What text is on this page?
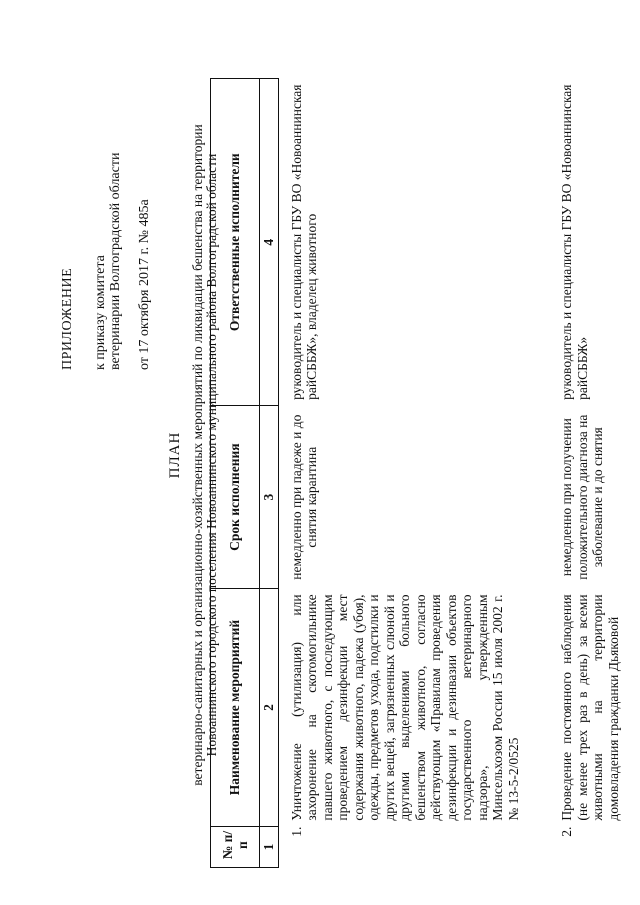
ПРИЛОЖЕНИЕ к приказу комитета ветеринарии Волгоградской области от 17 октября 2017 г. № 485а
ПЛАН ветеринарно-санитарных и организационно-хозяйственных мероприятий по ликвидации бешенства на территории Новоаннинского городского поселения Новоаннинского муниципального района Волгоградской области
№ п/п	Наименование мероприятий	Срок исполнения	Ответственные исполнители
1	2	3	4
1.	Уничтожение (утилизация) или захоронение на скотомогильнике павшего животного, с последующим проведением дезинфекции мест содержания животного, падежа (убоя), одежды, предметов ухода, подстилки и других вещей, загрязненных слюной и другими выделениями больного бешенством животного, согласно действующим «Правилам проведения дезинфекции и дезинвазии объектов государственного ветеринарного надзора», утвержденным Минсельхозом России 15 июля 2002 г. № 13-5-2/0525	немедленно при падеже и до снятия карантина	руководитель и специалисты ГБУ ВО «Новоаннинская райСББЖ», владелец животного
2.	Проведение постоянного наблюдения (не менее трех раз в день) за всеми животными на территории домовладения гражданки Дьяковой	немедленно при получении положительного диагноза на заболевание и до снятия	руководитель и специалисты ГБУ ВО «Новоаннинская райСББЖ»
